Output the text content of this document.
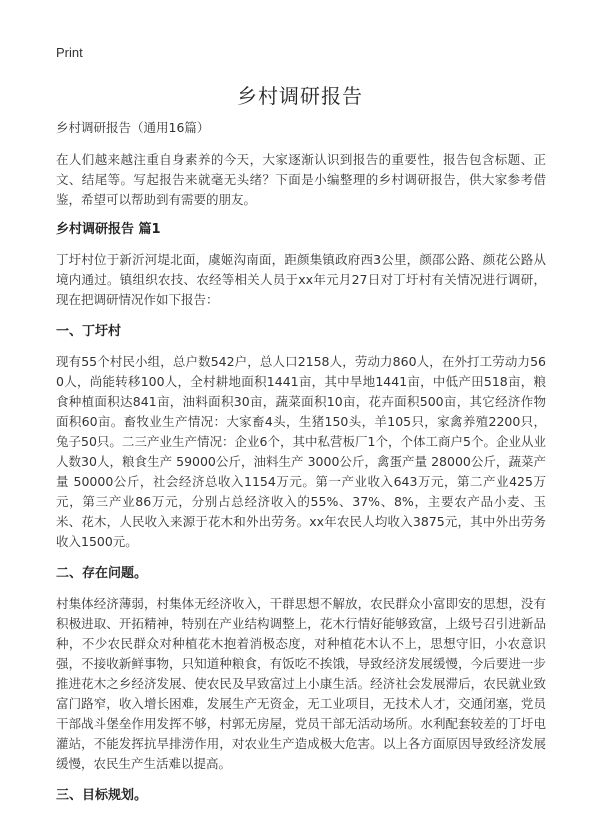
Print
乡村调研报告

乡村调研报告（通用16篇）

在人们越来越注重自身素养的今天，大家逐渐认识到报告的重要性，报告包含标题、正文、结尾等。写起报告来就毫无头绪？下面是小编整理的乡村调研报告，供大家参考借鉴，希望可以帮助到有需要的朋友。

乡村调研报告 篇1

丁圩村位于新沂河堤北面，虞姬沟南面，距颜集镇政府西3公里，颜邵公路、颜花公路从境内通过。镇组织农技、农经等相关人员于xx年元月27日对丁圩村有关情况进行调研，现在把调研情况作如下报告：

一、丁圩村

现有55个村民小组，总户数542户，总人口2158人，劳动力860人，在外打工劳动力560人，尚能转移100人，全村耕地面积1441亩，其中旱地1441亩，中低产田518亩，粮食种植面积达841亩，油料面积30亩，蔬菜面积10亩，花卉面积500亩，其它经济作物面积60亩。畜牧业生产情况：大家畜4头，生猪150头，羊105只，家禽养殖2200只，兔子50只。二三产业生产情况：企业6个，其中私营板厂1个，个体工商户5个。企业从业人数30人，粮食生产 59000公斤，油料生产 3000公斤，禽蛋产量 28000公斤，蔬菜产量 50000公斤，社会经济总收入1154万元。第一产业收入643万元，第二产业425万元，第三产业86万元，分别占总经济收入的55%、37%、8%，主要农产品小麦、玉米、花木，人民收入来源于花木和外出劳务。xx年农民人均收入3875元，其中外出劳务收入1500元。

二、存在问题。

村集体经济薄弱，村集体无经济收入，干群思想不解放，农民群众小富即安的思想，没有积极进取、开拓精神，特别在产业结构调整上，花木行情好能够致富，上级号召引进新品种，不少农民群众对种植花木抱着消极态度，对种植花木认不上，思想守旧，小农意识强，不接收新鲜事物，只知道种粮食，有饭吃不挨饿，导致经济发展缓慢，今后要进一步推进花木之乡经济发展、使农民及早致富过上小康生活。经济社会发展滞后，农民就业致富门路窄，收入增长困难，发展生产无资金，无工业项目，无技术人才，交通闭塞，党员干部战斗堡垒作用发挥不够，村郭无房屋，党员干部无活动场所。水利配套较差的丁圩电灌站，不能发挥抗旱排涝作用，对农业生产造成极大危害。以上各方面原因导致经济发展缓慢，农民生产生活难以提高。

三、目标规划。
